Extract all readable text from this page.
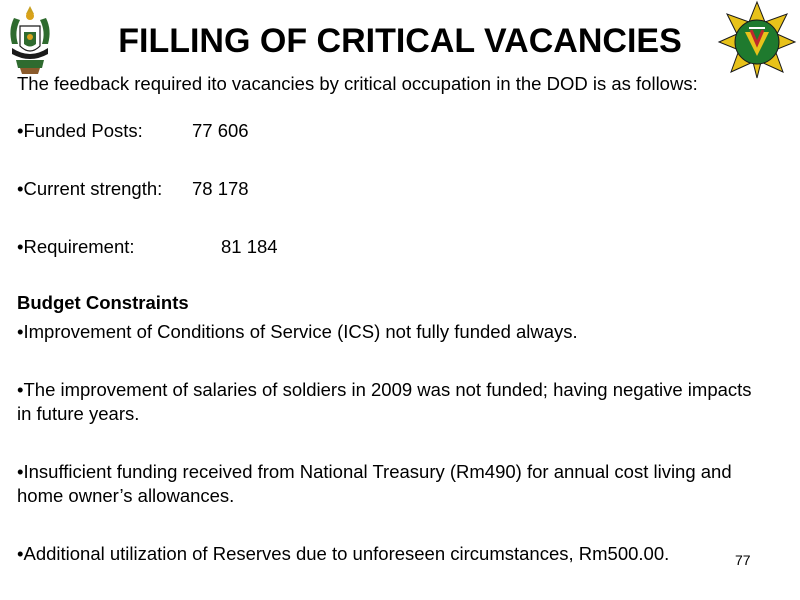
FILLING OF CRITICAL VACANCIES
The feedback required ito vacancies by critical occupation in the DOD is as follows:
•Funded Posts:	77 606
•Current strength: 78 178
•Requirement:	81 184
Budget Constraints
•Improvement of Conditions of Service (ICS) not fully funded always.
•The improvement of salaries of soldiers in 2009 was not funded; having negative impacts in future years.
•Insufficient funding received from National Treasury (Rm490) for annual cost living and home owner’s allowances.
•Additional utilization of Reserves due to unforeseen circumstances, Rm500.00.	77
